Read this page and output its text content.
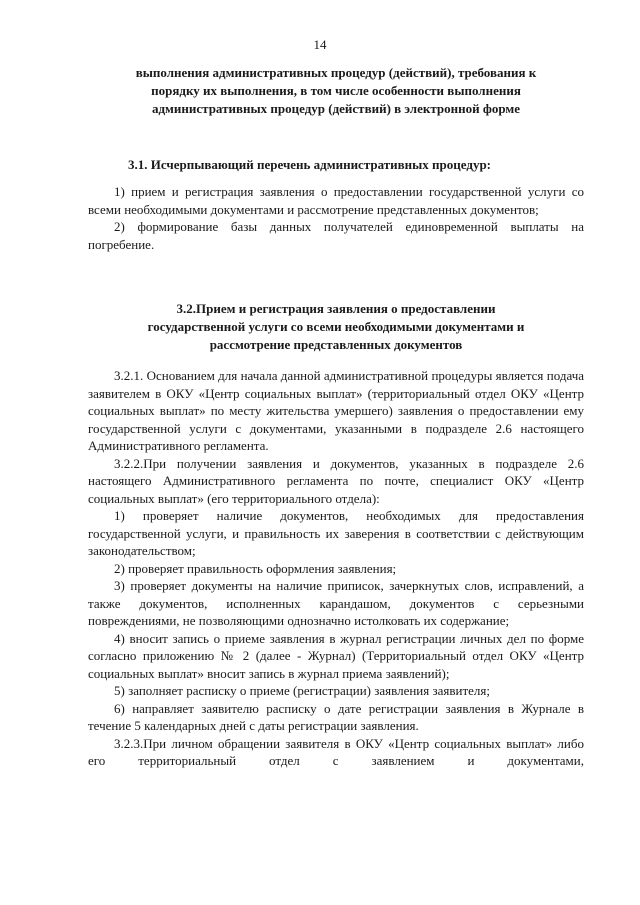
14

выполнения административных процедур (действий), требования к

порядку их выполнения, в том числе особенности выполнения

административных процедур (действий) в электронной форме

3.1. Исчерпывающий перечень административных процедур:

1) прием и регистрация заявления о предоставлении государственной услуги со всеми необходимыми документами и рассмотрение представленных документов;

2) формирование базы данных получателей единовременной выплаты на погребение.

3.2.Прием и регистрация заявления о предоставлении

государственной услуги со всеми необходимыми документами и

рассмотрение представленных документов

3.2.1. Основанием для начала данной административной процедуры является подача заявителем в ОКУ «Центр социальных выплат» (территориальный отдел ОКУ «Центр социальных выплат» по месту жительства умершего) заявления о предоставлении ему государственной услуги с документами, указанными в подразделе 2.6 настоящего Административного регламента.

3.2.2.При получении заявления и документов, указанных в подразделе 2.6 настоящего Административного регламента по почте, специалист ОКУ «Центр социальных выплат» (его территориального отдела):

1) проверяет наличие документов, необходимых для предоставления государственной услуги, и правильность их заверения в соответствии с действующим законодательством;

2) проверяет правильность оформления заявления;

3) проверяет документы на наличие приписок, зачеркнутых слов, исправлений, а также документов, исполненных карандашом, документов с серьезными повреждениями, не позволяющими однозначно истолковать их содержание;

4) вносит запись о приеме заявления в журнал регистрации личных дел по форме согласно приложению № 2 (далее - Журнал) (Территориальный отдел ОКУ «Центр социальных выплат» вносит запись в журнал приема заявлений);

5) заполняет расписку о приеме (регистрации) заявления заявителя;

6) направляет заявителю расписку о дате регистрации заявления в Журнале в течение 5 календарных дней с даты регистрации заявления.

3.2.3.При личном обращении заявителя в ОКУ «Центр социальных выплат» либо его территориальный отдел с заявлением и документами,
